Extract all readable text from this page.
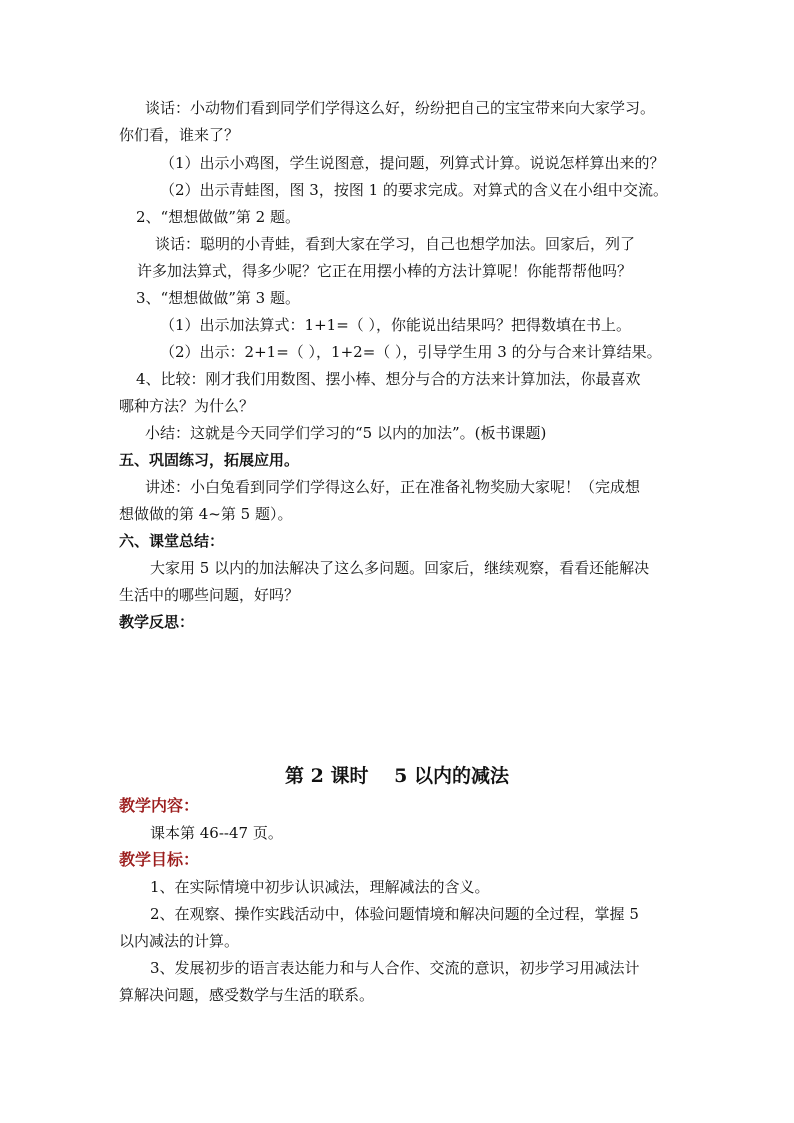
谈话：小动物们看到同学们学得这么好，纷纷把自己的宝宝带来向大家学习。
你们看，谁来了？
（1）出示小鸡图，学生说图意，提问题，列算式计算。说说怎样算出来的？
（2）出示青蛙图，图 3，按图 1 的要求完成。对算式的含义在小组中交流。
2、“想想做做”第 2 题。
谈话：聪明的小青蛙，看到大家在学习，自己也想学加法。回家后，列了
许多加法算式，得多少呢？它正在用摆小棒的方法计算呢！你能帮帮他吗？
3、“想想做做”第 3 题。
（1）出示加法算式：1+1=（ ），你能说出结果吗？把得数填在书上。
（2）出示：2+1=（ ），1+2=（ ），引导学生用 3 的分与合来计算结果。
4、比较：刚才我们用数图、摆小棒、想分与合的方法来计算加法，你最喜欢
哪种方法？为什么？
小结：这就是今天同学们学习的“5 以内的加法”。(板书课题)
五、巩固练习，拓展应用。
讲述：小白兔看到同学们学得这么好，正在准备礼物奖励大家呢！（完成想
想做做的第 4~第 5 题）。
六、课堂总结：
大家用 5 以内的加法解决了这么多问题。回家后，继续观察，看看还能解决
生活中的哪些问题，好吗？
教学反思：
第 2 课时　 5 以内的减法
教学内容：
课本第 46--47 页。
教学目标：
1、在实际情境中初步认识减法，理解减法的含义。
2、在观察、操作实践活动中，体验问题情境和解决问题的全过程，掌握 5
以内减法的计算。
3、发展初步的语言表达能力和与人合作、交流的意识，初步学习用减法计
算解决问题，感受数学与生活的联系。
